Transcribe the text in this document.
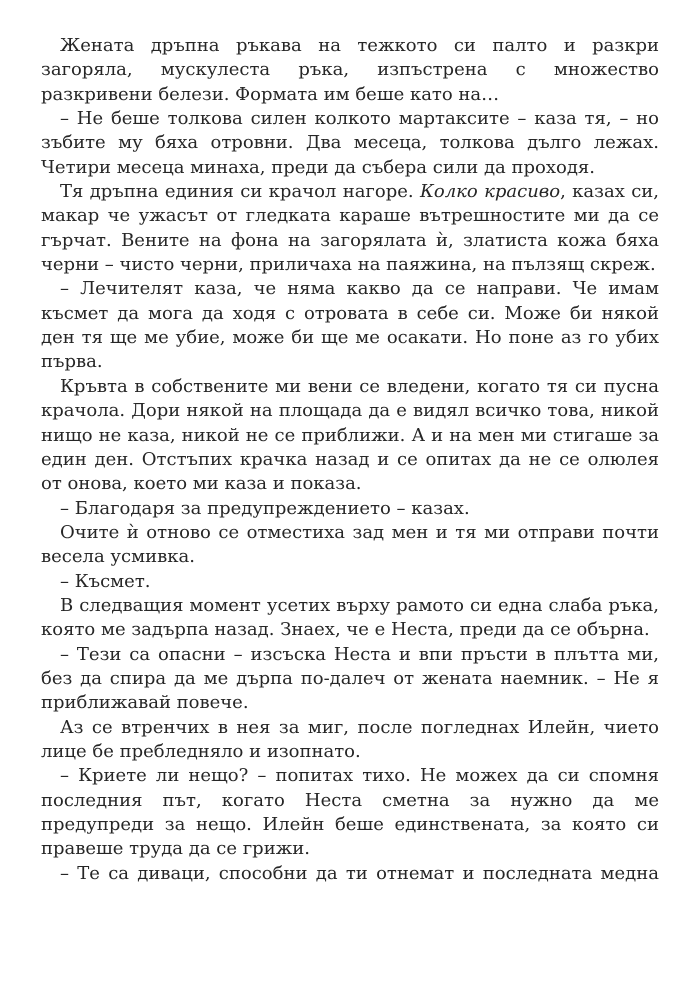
Жената дръпна ръкава на тежкото си палто и разкри загоряла, мускулеста ръка, изпъстрена с множество разкривени белези. Формата им беше като на…

– Не беше толкова силен колкото мартакситe – каза тя, – но зъбите му бяха отровни. Два месеца, толкова дълго лежах. Четири месеца минаха, преди да събера сили да проходя.

Тя дръпна единия си крачол нагоре. Колко красиво, казах си, макар че ужасът от гледката караше вътрешностите ми да се гърчат. Вените на фона на загорялата ѝ, златиста кожа бяха черни – чисто черни, приличаха на паяжина, на пълзящ скреж.

– Лечителят каза, че няма какво да се направи. Че имам късмет да мога да ходя с отровата в себе си. Може би някой ден тя ще ме убие, може би ще ме осакати. Но поне аз го убих първа.

Кръвта в собствените ми вени се вледени, когато тя си пусна крачола. Дори някой на площада да е видял всичко това, никой нищо не каза, никой не се приближи. А и на мен ми стигаше за един ден. Отстъпих крачка назад и се опитах да не се олюлея от онова, което ми каза и показа.

– Благодаря за предупреждението – казах.

Очите ѝ отново се отместиха зад мен и тя ми отправи почти весела усмивка.

– Късмет.

В следващия момент усетих върху рамото си една слаба ръка, която ме задърпа назад. Знаех, че е Неста, преди да се обърна.

– Тези са опасни – изсъска Неста и впи пръсти в плътта ми, без да спира да ме дърпа по-далеч от жената наемник. – Не я приближавай повече.

Аз се втренчих в нея за миг, после погледнах Илейн, чието лице бе пребледняло и изопнато.

– Криете ли нещо? – попитах тихо. Не можех да си спомня последния път, когато Неста сметна за нужно да ме предупреди за нещо. Илейн беше единствената, за която си правеше труда да се грижи.

– Те са диваци, способни да ти отнемат и последната медна
